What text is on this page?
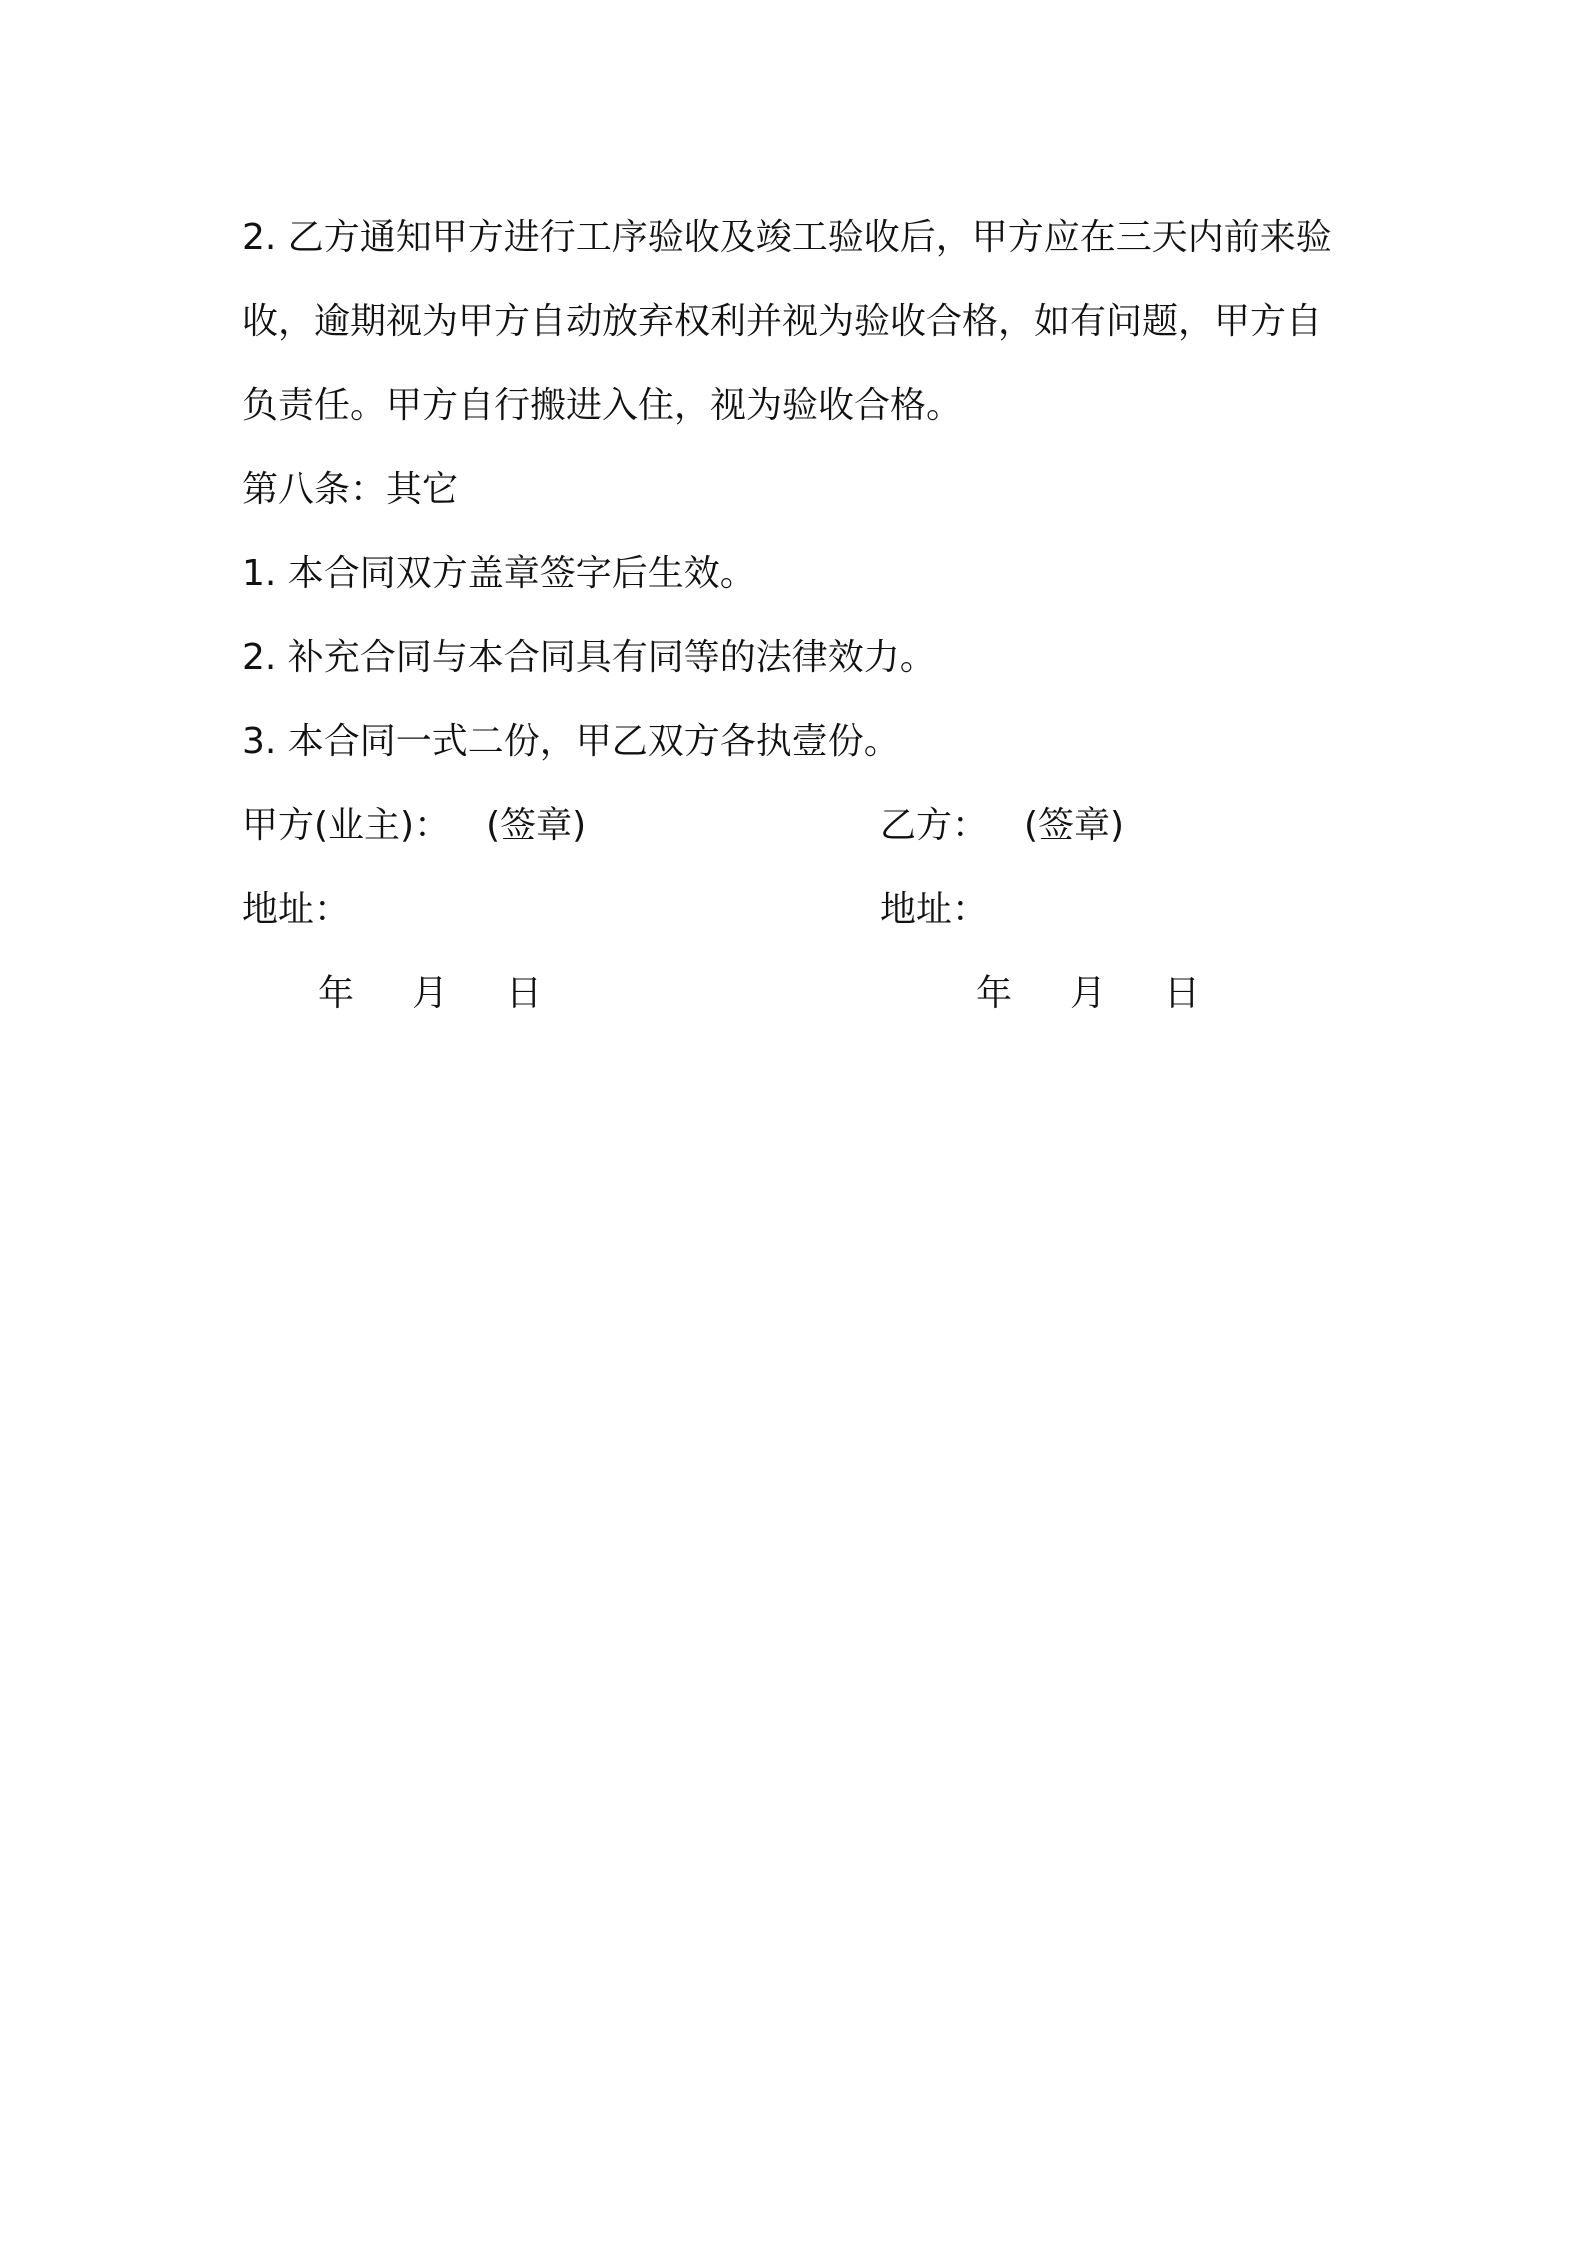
2. 乙方通知甲方进行工序验收及竣工验收后，甲方应在三天内前来验收，逾期视为甲方自动放弃权利并视为验收合格，如有问题，甲方自负责任。甲方自行搬进入住，视为验收合格。

第八条：其它

1. 本合同双方盖章签字后生效。

2. 补充合同与本合同具有同等的法律效力。

3. 本合同一式二份，甲乙双方各执壹份。

甲方(业主)： (签章)	乙方： (签章)
地址：	地址：
年 月 日	年 月 日
